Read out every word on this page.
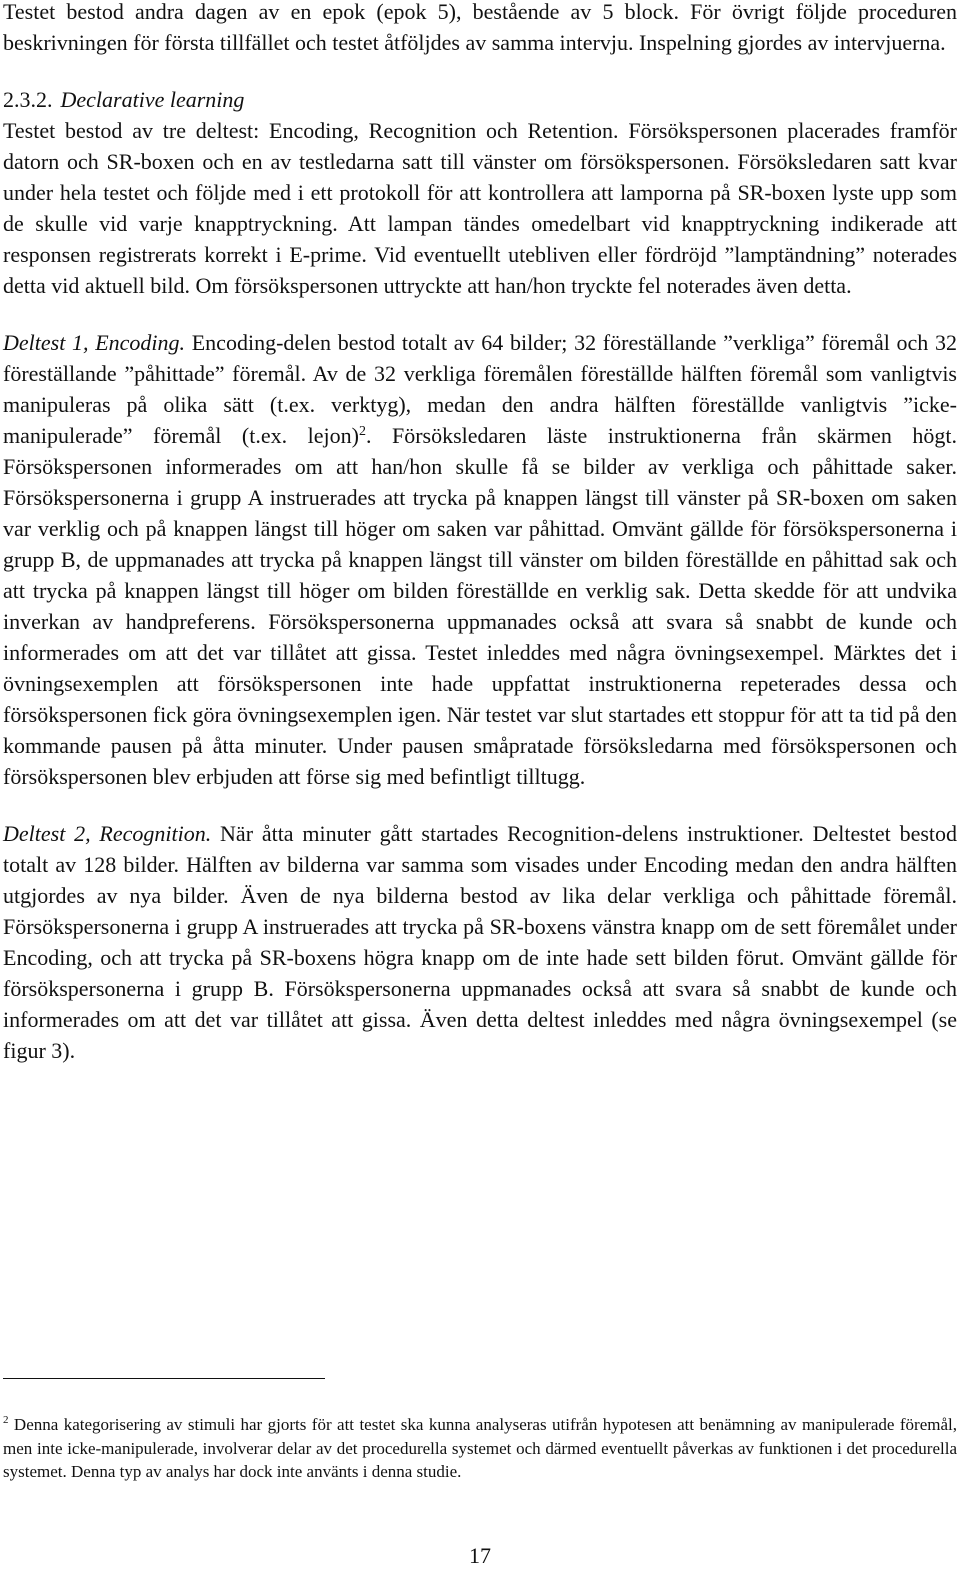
Testet bestod andra dagen av en epok (epok 5), bestående av 5 block. För övrigt följde proceduren beskrivningen för första tillfället och testet åtföljdes av samma intervju. Inspelning gjordes av intervjuerna.

2.3.2. Declarative learning

Testet bestod av tre deltest: Encoding, Recognition och Retention. Försökspersonen placerades framför datorn och SR-boxen och en av testledarna satt till vänster om försökspersonen. Försöksledaren satt kvar under hela testet och följde med i ett protokoll för att kontrollera att lamporna på SR-boxen lyste upp som de skulle vid varje knapptryckning. Att lampan tändes omedelbart vid knapptryckning indikerade att responsen registrerats korrekt i E-prime. Vid eventuellt utebliven eller fördröjd ”lamptändning” noterades detta vid aktuell bild. Om försökspersonen uttryckte att han/hon tryckte fel noterades även detta.

Deltest 1, Encoding. Encoding-delen bestod totalt av 64 bilder; 32 föreställande ”verkliga” föremål och 32 föreställande ”påhittade” föremål. Av de 32 verkliga föremålen föreställde hälften föremål som vanligtvis manipuleras på olika sätt (t.ex. verktyg), medan den andra hälften föreställde vanligtvis ”icke-manipulerade” föremål (t.ex. lejon)$^2$. Försöksledaren läste instruktionerna från skärmen högt. Försökspersonen informerades om att han/hon skulle få se bilder av verkliga och påhittade saker. Försökspersonerna i grupp A instruerades att trycka på knappen längst till vänster på SR-boxen om saken var verklig och på knappen längst till höger om saken var påhittad. Omvänt gällde för försökspersonerna i grupp B, de uppmanades att trycka på knappen längst till vänster om bilden föreställde en påhittad sak och att trycka på knappen längst till höger om bilden föreställde en verklig sak. Detta skedde för att undvika inverkan av handpreferens. Försökspersonerna uppmanades också att svara så snabbt de kunde och informerades om att det var tillåtet att gissa. Testet inleddes med några övningsexempel. Märktes det i övningsexemplen att försökspersonen inte hade uppfattat instruktionerna repeterades dessa och försökspersonen fick göra övningsexemplen igen. När testet var slut startades ett stoppur för att ta tid på den kommande pausen på åtta minuter. Under pausen småpratade försöksledarna med försökspersonen och försökspersonen blev erbjuden att förse sig med befintligt tilltugg.

Deltest 2, Recognition. När åtta minuter gått startades Recognition-delens instruktioner. Deltestet bestod totalt av 128 bilder. Hälften av bilderna var samma som visades under Encoding medan den andra hälften utgjordes av nya bilder. Även de nya bilderna bestod av lika delar verkliga och påhittade föremål. Försökspersonerna i grupp A instruerades att trycka på SR-boxens vänstra knapp om de sett föremålet under Encoding, och att trycka på SR-boxens högra knapp om de inte hade sett bilden förut. Omvänt gällde för försökspersonerna i grupp B. Försökspersonerna uppmanades också att svara så snabbt de kunde och informerades om att det var tillåtet att gissa. Även detta deltest inleddes med några övningsexempel (se figur 3).

$^2$ Denna kategorisering av stimuli har gjorts för att testet ska kunna analyseras utifrån hypotesen att benämning av manipulerade föremål, men inte icke-manipulerade, involverar delar av det procedurella systemet och därmed eventuellt påverkas av funktionen i det procedurella systemet. Denna typ av analys har dock inte använts i denna studie.

17
